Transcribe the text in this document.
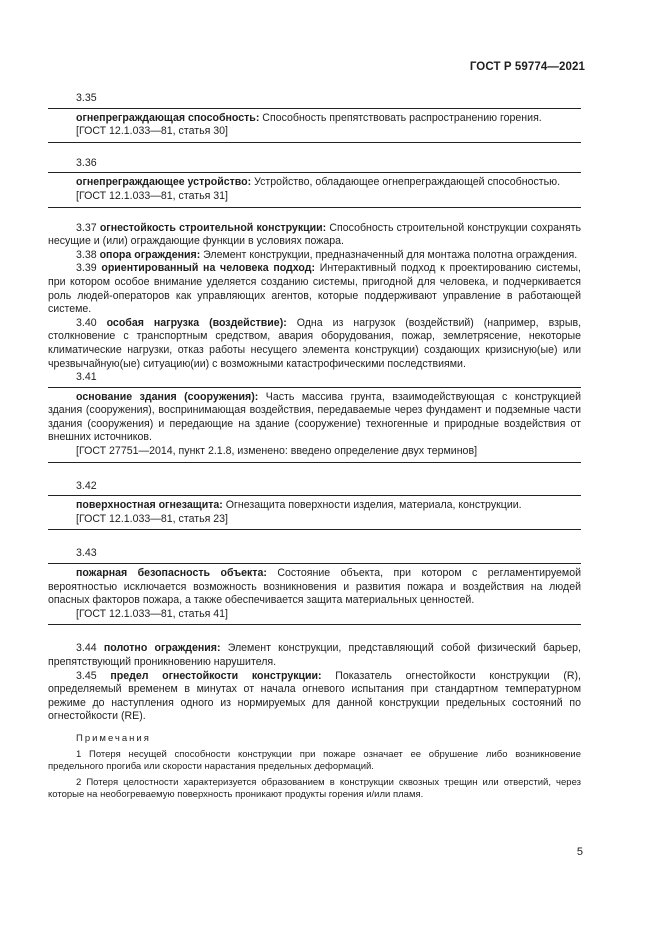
ГОСТ Р 59774—2021

3.35

огнепреграждающая способность: Способность препятствовать распространению горения.

[ГОСТ 12.1.033—81, статья 30]

3.36

огнепреграждающее устройство: Устройство, обладающее огнепреграждающей способностью.

[ГОСТ 12.1.033—81, статья 31]

3.37 огнестойкость строительной конструкции: Способность строительной конструкции сохранять несущие и (или) ограждающие функции в условиях пожара.

3.38 опора ограждения: Элемент конструкции, предназначенный для монтажа полотна ограждения.

3.39 ориентированный на человека подход: Интерактивный подход к проектированию системы, при котором особое внимание уделяется созданию системы, пригодной для человека, и подчеркивается роль людей-операторов как управляющих агентов, которые поддерживают управление в работающей системе.

3.40 особая нагрузка (воздействие): Одна из нагрузок (воздействий) (например, взрыв, столкновение с транспортным средством, авария оборудования, пожар, землетрясение, некоторые климатические нагрузки, отказ работы несущего элемента конструкции) создающих кризисную(ые) или чрезвычайную(ые) ситуацию(ии) с возможными катастрофическими последствиями.

3.41

основание здания (сооружения): Часть массива грунта, взаимодействующая с конструкцией здания (сооружения), воспринимающая воздействия, передаваемые через фундамент и подземные части здания (сооружения) и передающие на здание (сооружение) техногенные и природные воздействия от внешних источников.

[ГОСТ 27751—2014, пункт 2.1.8, изменено: введено определение двух терминов]

3.42

поверхностная огнезащита: Огнезащита поверхности изделия, материала, конструкции.

[ГОСТ 12.1.033—81, статья 23]

3.43

пожарная безопасность объекта: Состояние объекта, при котором с регламентируемой вероятностью исключается возможность возникновения и развития пожара и воздействия на людей опасных факторов пожара, а также обеспечивается защита материальных ценностей.

[ГОСТ 12.1.033—81, статья 41]

3.44 полотно ограждения: Элемент конструкции, представляющий собой физический барьер, препятствующий проникновению нарушителя.

3.45 предел огнестойкости конструкции: Показатель огнестойкости конструкции (R), определяемый временем в минутах от начала огневого испытания при стандартном температурном режиме до наступления одного из нормируемых для данной конструкции предельных состояний по огнестойкости (RE).

Примечания

1 Потеря несущей способности конструкции при пожаре означает ее обрушение либо возникновение предельного прогиба или скорости нарастания предельных деформаций.

2 Потеря целостности характеризуется образованием в конструкции сквозных трещин или отверстий, через которые на необогреваемую поверхность проникают продукты горения и/или пламя.

5
